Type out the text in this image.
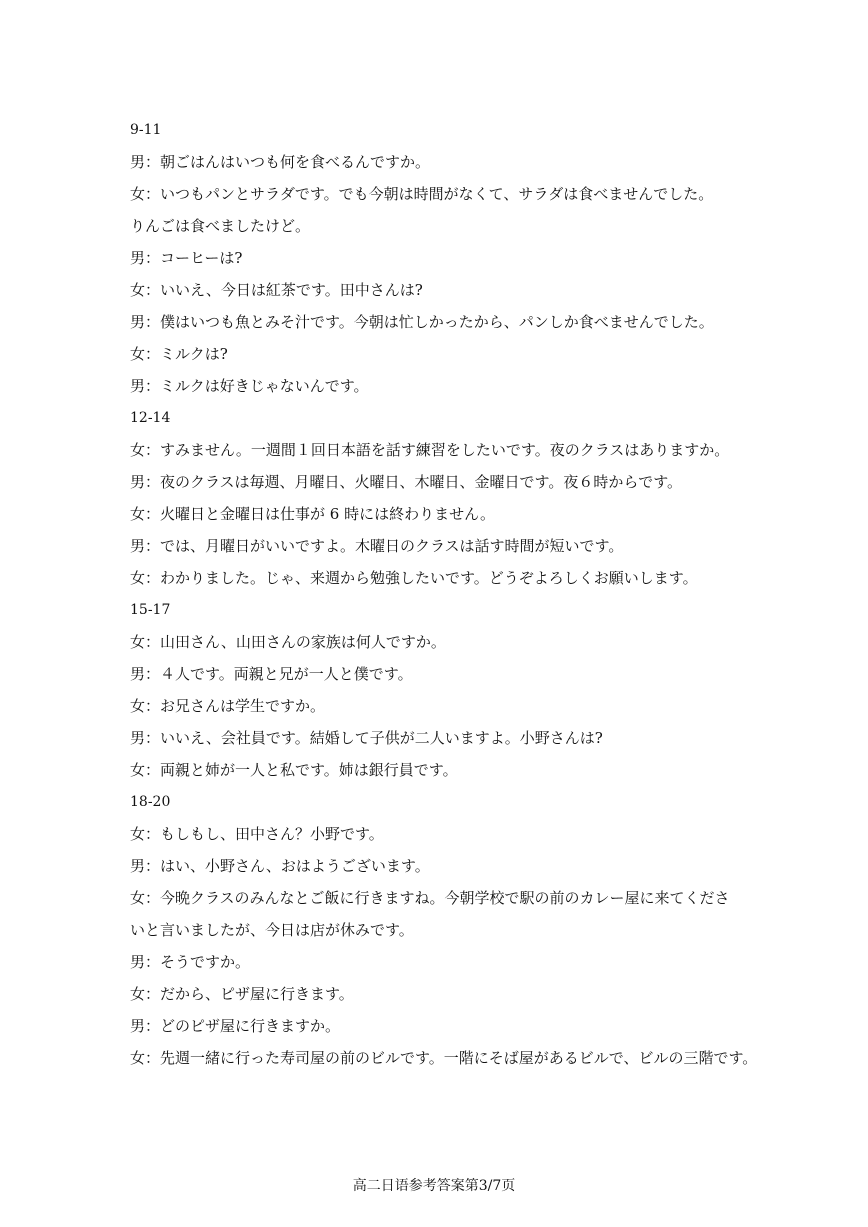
9-11
男：朝ごはんはいつも何を食べるんですか。
女：いつもパンとサラダです。でも今朝は時間がなくて、サラダは食べませんでした。
りんごは食べましたけど。
男：コーヒーは?
女：いいえ、今日は紅茶です。田中さんは?
男：僕はいつも魚とみそ汁です。今朝は忙しかったから、パンしか食べませんでした。
女：ミルクは?
男：ミルクは好きじゃないんです。
12-14
女：すみません。一週間１回日本語を話す練習をしたいです。夜のクラスはありますか。
男：夜のクラスは毎週、月曜日、火曜日、木曜日、金曜日です。夜６時からです。
女：火曜日と金曜日は仕事が 6 時には終わりません。
男：では、月曜日がいいですよ。木曜日のクラスは話す時間が短いです。
女：わかりました。じゃ、来週から勉強したいです。どうぞよろしくお願いします。
15-17
女：山田さん、山田さんの家族は何人ですか。
男：４人です。両親と兄が一人と僕です。
女：お兄さんは学生ですか。
男：いいえ、会社員です。結婚して子供が二人いますよ。小野さんは?
女：両親と姉が一人と私です。姉は銀行員です。
18-20
女：もしもし、田中さん？小野です。
男：はい、小野さん、おはようございます。
女：今晩クラスのみんなとご飯に行きますね。今朝学校で駅の前のカレー屋に来てくださ
いと言いましたが、今日は店が休みです。
男：そうですか。
女：だから、ピザ屋に行きます。
男：どのピザ屋に行きますか。
女：先週一緒に行った寿司屋の前のビルです。一階にそば屋があるビルで、ビルの三階です。
高二日语参考答案第3/7页
